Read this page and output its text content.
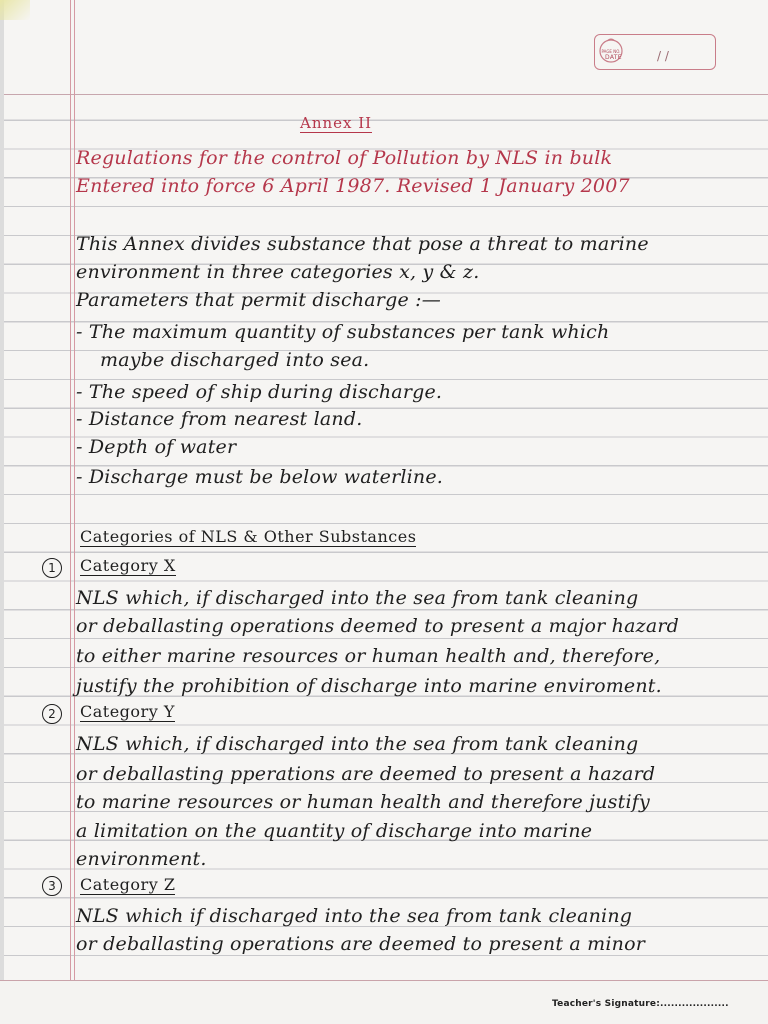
PAGE NO.
DATE	/ /
Annex II
Regulations for the control of Pollution by NLS in bulk
Entered into force 6 April 1987. Revised 1 January 2007
This Annex divides substance that pose a threat to marine
environment in three categories x, y & z.
Parameters that permit discharge :—
- The maximum quantity of substances per tank which
maybe discharged into sea.
- The speed of ship during discharge.
- Distance from nearest land.
- Depth of water
- Discharge must be below waterline.
Categories of NLS & Other Substances
1	Category X
NLS which, if discharged into the sea from tank cleaning
or deballasting operations deemed to present a major hazard
to either marine resources or human health and, therefore,
justify the prohibition of discharge into marine enviroment.
2	Category Y
NLS which, if discharged into the sea from tank cleaning
or deballasting pperations are deemed to present a hazard
to marine resources or human health and therefore justify
a limitation on the quantity of discharge into marine
environment.
3	Category Z
NLS which if discharged into the sea from tank cleaning
or deballasting operations are deemed to present a minor
Teacher's Signature:...................
